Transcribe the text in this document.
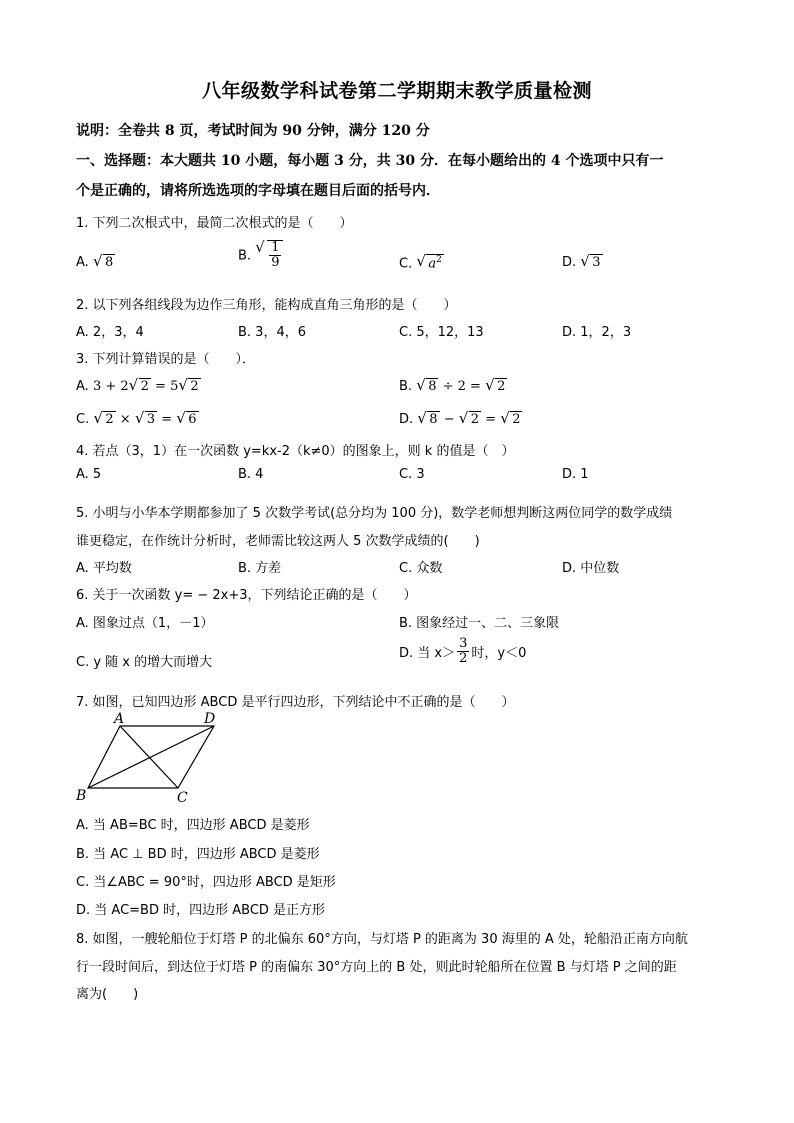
八年级数学科试卷第二学期期末教学质量检测
说明：全卷共 8 页，考试时间为 90 分钟，满分 120 分
一、选择题：本大题共 10 小题，每小题 3 分，共 30 分．在每小题给出的 4 个选项中只有一
个是正确的，请将所选选项的字母填在题目后面的括号内．
1. 下列二次根式中，最简二次根式的是（　　）
A. √ 8	B. √ $\frac{1}{9}$	C. √ $a^2$	D. √ 3
2. 以下列各组线段为边作三角形，能构成直角三角形的是（　　）
A. 2，3，4	B. 3，4，6	C. 5，12，13	D. 1，2，3
3. 下列计算错误的是（　　）．
A. 3 + 2 √ 2 = 5 √ 2	B. √ 8 ÷ 2 = √ 2
C. √ 2 × √ 3 = √ 6	D. √ 8 − √ 2 = √ 2
4. 若点（3，1）在一次函数 y=kx-2（k≠0）的图象上，则 k 的值是（　）
A. 5	B. 4	C. 3	D. 1
5. 小明与小华本学期都参加了 5 次数学考试(总分均为 100 分)，数学老师想判断这两位同学的数学成绩
谁更稳定，在作统计分析时，老师需比较这两人 5 次数学成绩的(　　)
A. 平均数	B. 方差	C. 众数	D. 中位数
6. 关于一次函数 y= − 2x+3，下列结论正确的是（　　）
A. 图象过点（1，－1）	B. 图象经过一、二、三象限
C. y 随 x 的增大而增大
D. 当 $x> \frac{3}{2}$ 时，y＜0
7. 如图，已知四边形 ABCD 是平行四边形，下列结论中不正确的是（　　）
A	D
B	C
A. 当 AB=BC 时，四边形 ABCD 是菱形
B. 当 AC ⊥ BD 时，四边形 ABCD 是菱形
C. 当∠ABC = 90°时，四边形 ABCD 是矩形
D. 当 AC=BD 时，四边形 ABCD 是正方形
8. 如图，一艘轮船位于灯塔 P 的北偏东 60°方向，与灯塔 P 的距离为 30 海里的 A 处，轮船沿正南方向航
行一段时间后，到达位于灯塔 P 的南偏东 30°方向上的 B 处，则此时轮船所在位置 B 与灯塔 P 之间的距
离为(　　)
